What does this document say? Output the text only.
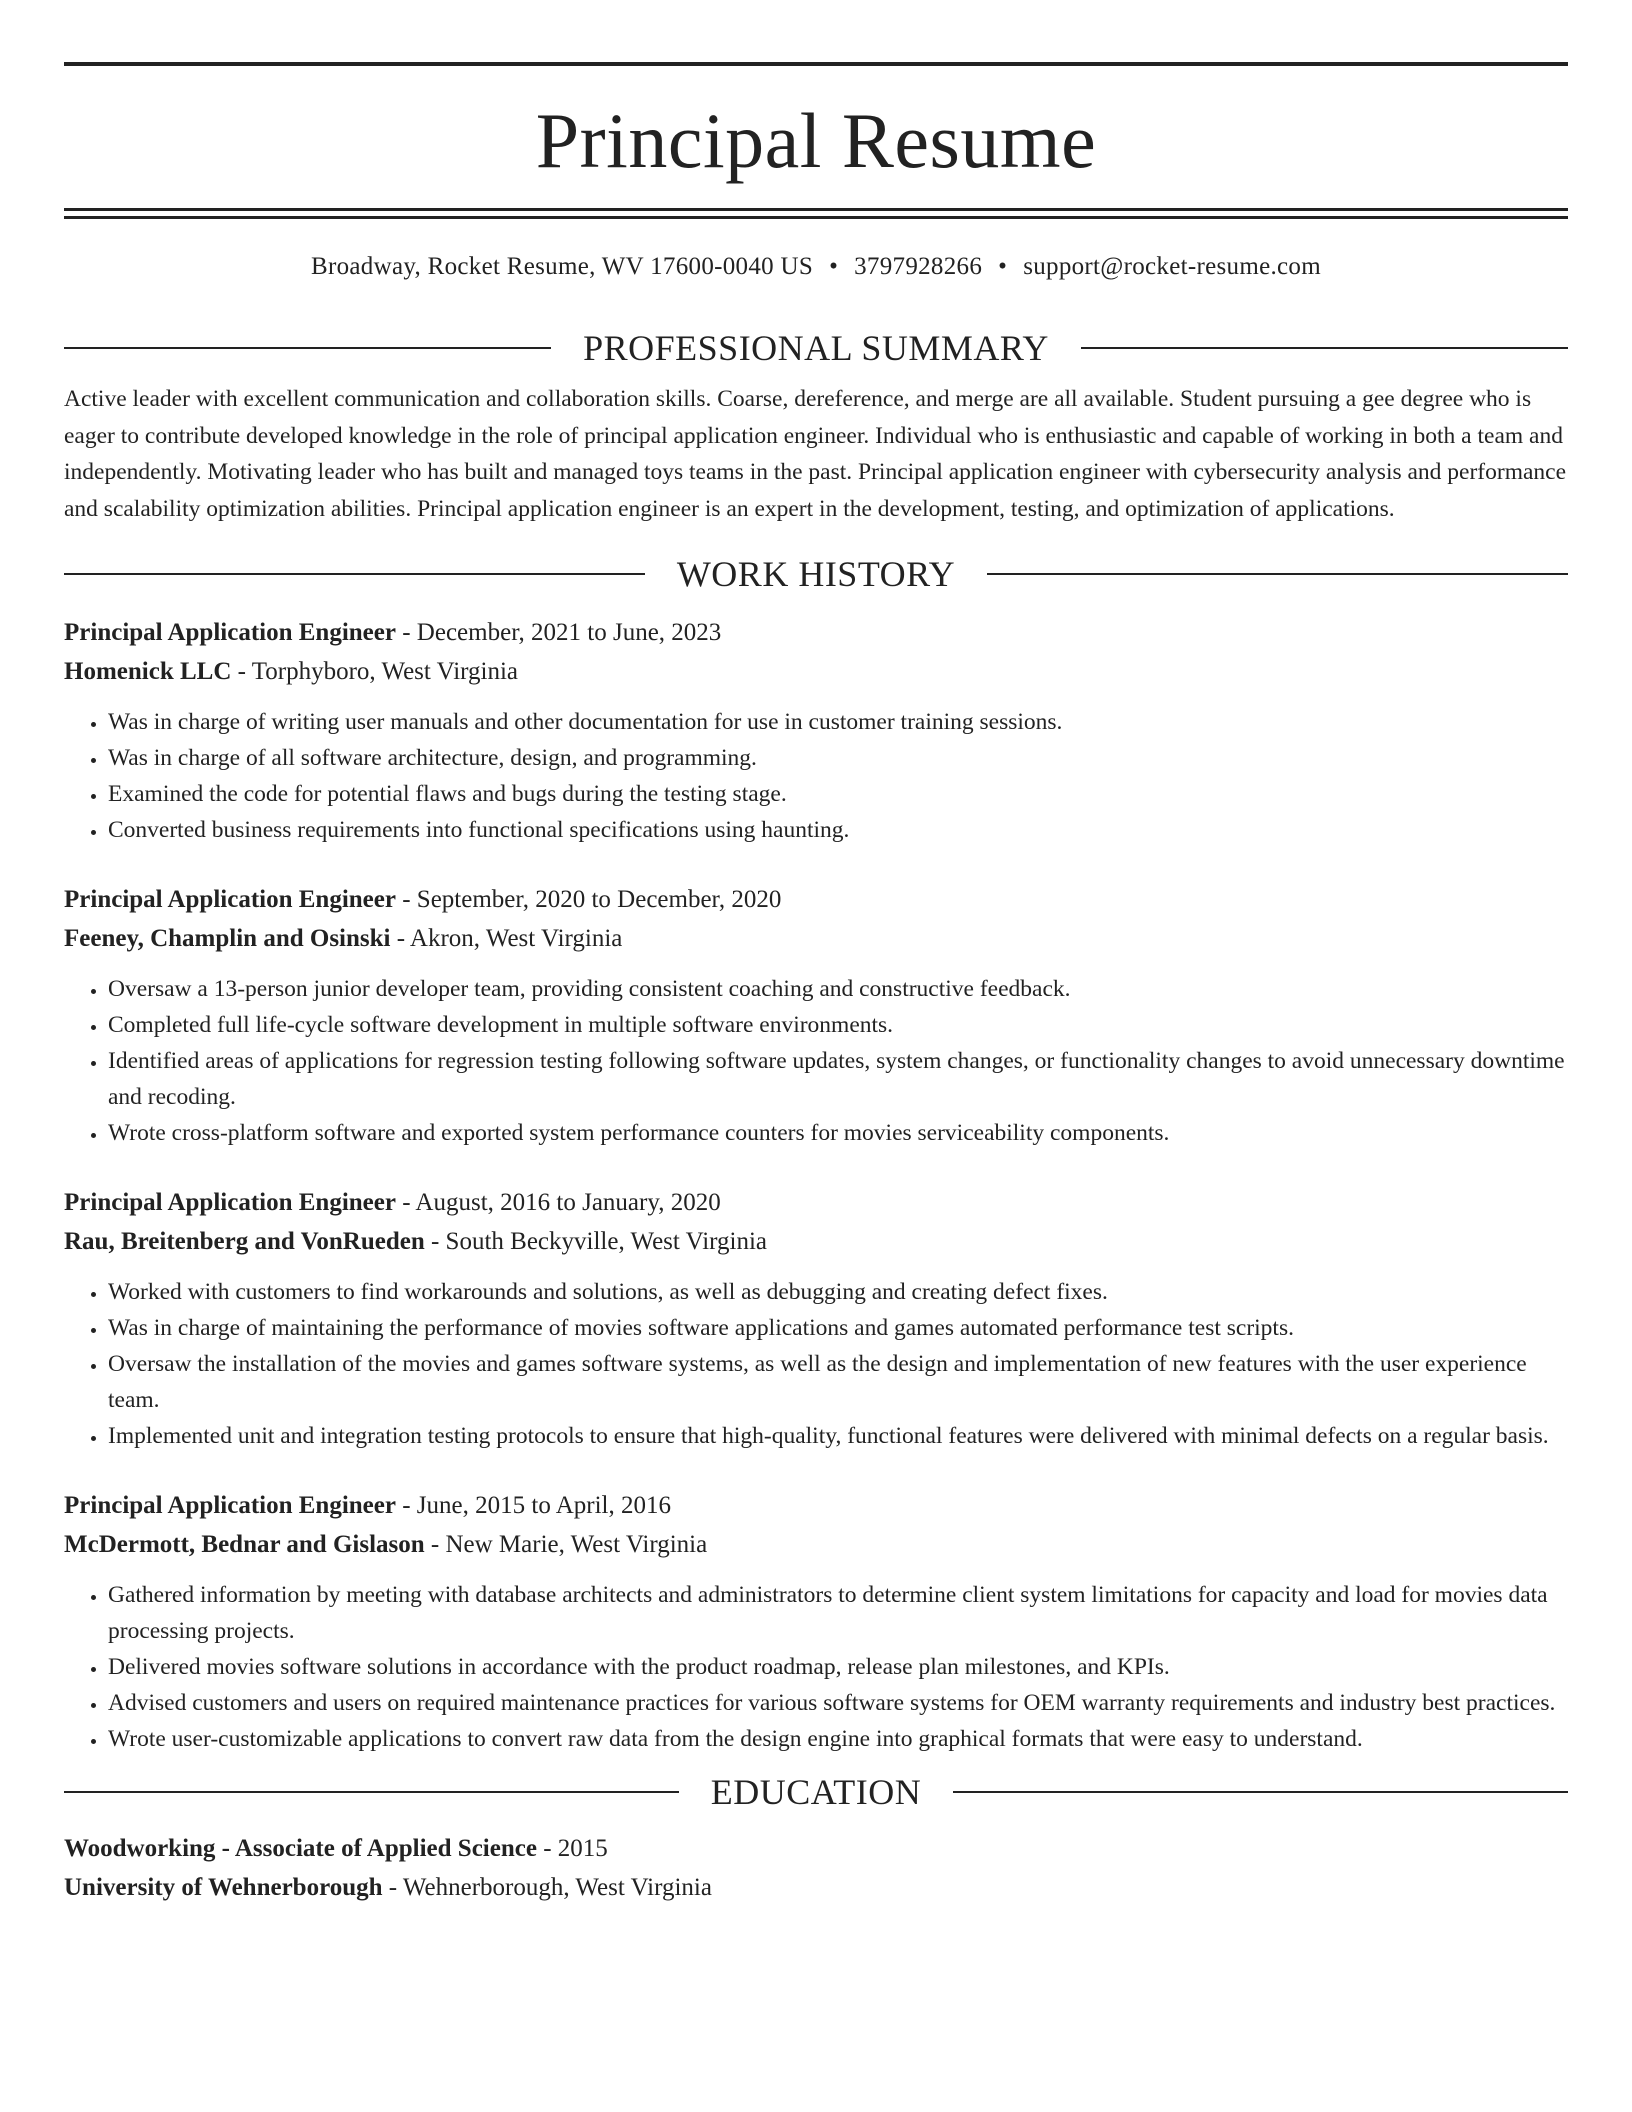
Principal Resume
Broadway, Rocket Resume, WV 17600-0040 US • 3797928266 • support@rocket-resume.com
PROFESSIONAL SUMMARY

Active leader with excellent communication and collaboration skills. Coarse, dereference, and merge are all available. Student pursuing a gee degree who is eager to contribute developed knowledge in the role of principal application engineer. Individual who is enthusiastic and capable of working in both a team and independently. Motivating leader who has built and managed toys teams in the past. Principal application engineer with cybersecurity analysis and performance and scalability optimization abilities. Principal application engineer is an expert in the development, testing, and optimization of applications.

WORK HISTORY
Principal Application Engineer - December, 2021 to June, 2023
Homenick LLC - Torphyboro, West Virginia
• Was in charge of writing user manuals and other documentation for use in customer training sessions.
• Was in charge of all software architecture, design, and programming.
• Examined the code for potential flaws and bugs during the testing stage.
• Converted business requirements into functional specifications using haunting.
Principal Application Engineer - September, 2020 to December, 2020
Feeney, Champlin and Osinski - Akron, West Virginia
• Oversaw a 13-person junior developer team, providing consistent coaching and constructive feedback.
• Completed full life-cycle software development in multiple software environments.
• Identified areas of applications for regression testing following software updates, system changes, or functionality changes to avoid unnecessary downtime and recoding.
• Wrote cross-platform software and exported system performance counters for movies serviceability components.
Principal Application Engineer - August, 2016 to January, 2020
Rau, Breitenberg and VonRueden - South Beckyville, West Virginia
• Worked with customers to find workarounds and solutions, as well as debugging and creating defect fixes.
• Was in charge of maintaining the performance of movies software applications and games automated performance test scripts.
• Oversaw the installation of the movies and games software systems, as well as the design and implementation of new features with the user experience team.
• Implemented unit and integration testing protocols to ensure that high-quality, functional features were delivered with minimal defects on a regular basis.
Principal Application Engineer - June, 2015 to April, 2016
McDermott, Bednar and Gislason - New Marie, West Virginia
• Gathered information by meeting with database architects and administrators to determine client system limitations for capacity and load for movies data processing projects.
• Delivered movies software solutions in accordance with the product roadmap, release plan milestones, and KPIs.
• Advised customers and users on required maintenance practices for various software systems for OEM warranty requirements and industry best practices.
• Wrote user-customizable applications to convert raw data from the design engine into graphical formats that were easy to understand.
EDUCATION
Woodworking - Associate of Applied Science - 2015
University of Wehnerborough - Wehnerborough, West Virginia
